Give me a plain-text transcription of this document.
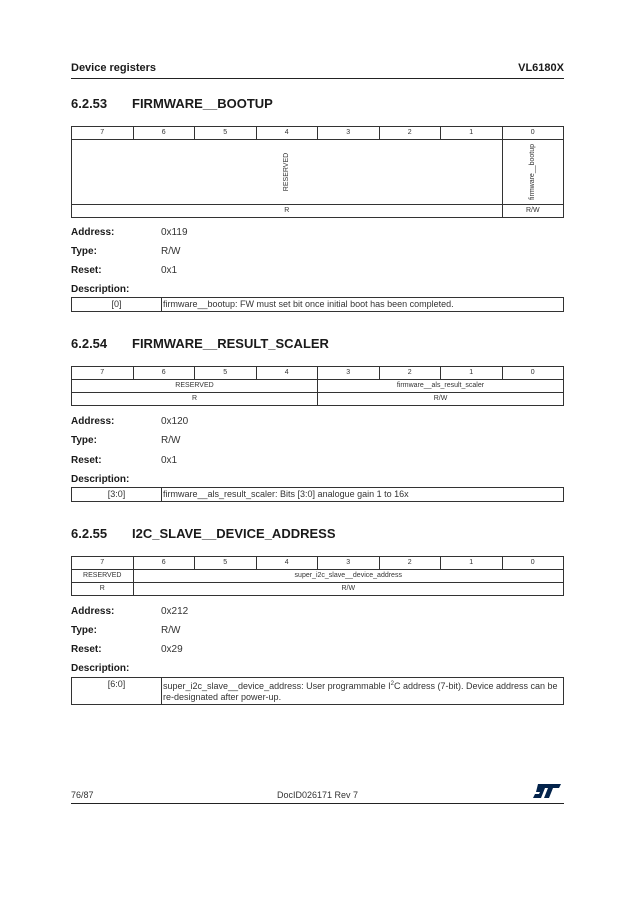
Device registers	VL6180X
6.2.53 FIRMWARE__BOOTUP
7	6	5	4	3	2	1	0
RESERVED							firmware__bootup
R							R/W
Address:	0x119
Type:	R/W
Reset:	0x1
Description:
[0]	firmware__bootup: FW must set bit once initial boot has been completed.
6.2.54 FIRMWARE__RESULT_SCALER
7	6	5	4	3	2	1	0
RESERVED				firmware__als_result_scaler			
R				R/W			
Address:	0x120
Type:	R/W
Reset:	0x1
Description:
[3:0]	firmware__als_result_scaler: Bits [3:0] analogue gain 1 to 16x
6.2.55 I2C_SLAVE__DEVICE_ADDRESS
7	6	5	4	3	2	1	0
RESERVED	super_i2c_slave__device_address						
R	R/W						
Address:	0x212
Type:	R/W
Reset:	0x29
Description:
[6:0]	super_i2c_slave__device_address: User programmable $I^2C$ address (7-bit). Device address can be re-designated after power-up.
76/87	DocID026171 Rev 7
